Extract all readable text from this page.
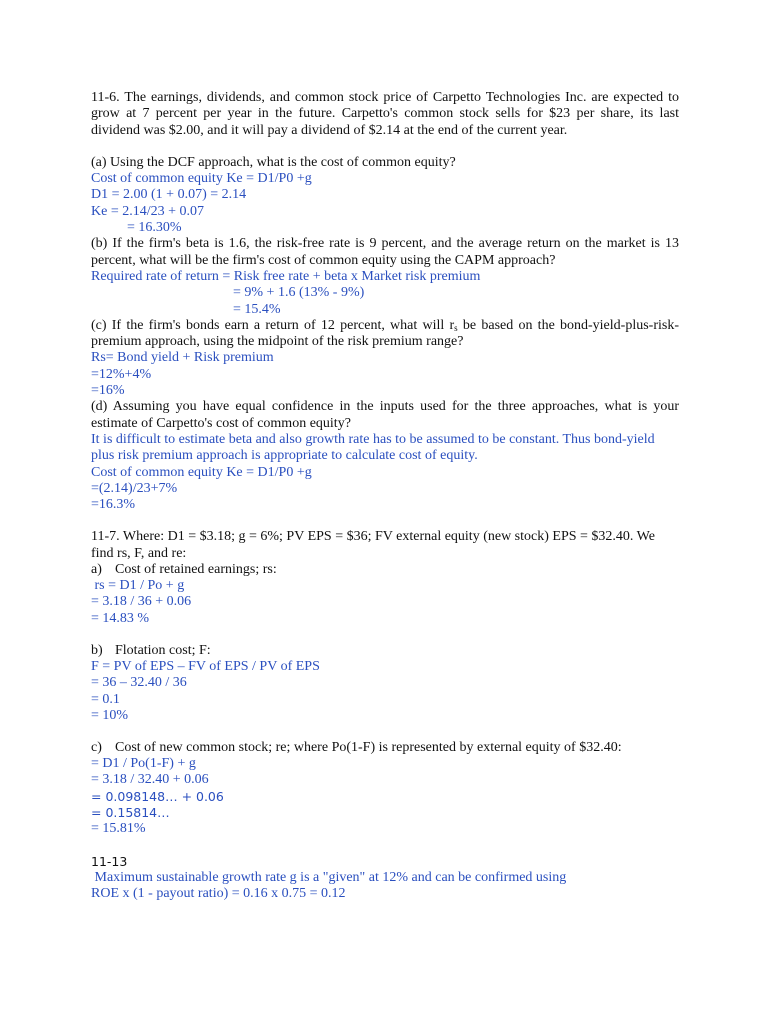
11-6. The earnings, dividends, and common stock price of Carpetto Technologies Inc. are expected to grow at 7 percent per year in the future. Carpetto's common stock sells for $23 per share, its last dividend was $2.00, and it will pay a dividend of $2.14 at the end of the current year.

(a) Using the DCF approach, what is the cost of common equity?

Cost of common equity Ke = D1/P0 +g
D1 = 2.00 (1 + 0.07) = 2.14
Ke = 2.14/23 + 0.07
= 16.30%

(b) If the firm's beta is 1.6, the risk-free rate is 9 percent, and the average return on the market is 13 percent, what will be the firm's cost of common equity using the CAPM approach?

Required rate of return = Risk free rate + beta x Market risk premium
= 9% + 1.6 (13% - 9%)
= 15.4%

(c) If the firm's bonds earn a return of 12 percent, what will $r_s$ be based on the bond-yield-plus-risk-premium approach, using the midpoint of the risk premium range?

Rs= Bond yield + Risk premium
=12%+4%
=16%

(d) Assuming you have equal confidence in the inputs used for the three approaches, what is your estimate of Carpetto's cost of common equity?

It is difficult to estimate beta and also growth rate has to be assumed to be constant. Thus bond-yield plus risk premium approach is appropriate to calculate cost of equity.

Cost of common equity Ke = D1/P0 +g
=(2.14)/23+7%
=16.3%

11-7. Where: D1 = $3.18; g = 6%; PV EPS = $36; FV external equity (new stock) EPS = $32.40. We find rs, F, and re:

a) Cost of retained earnings; rs:
rs = D1 / Po + g
= 3.18 / 36 + 0.06
= 14.83 %
b) Flotation cost; F:
F = PV of EPS – FV of EPS / PV of EPS
= 36 – 32.40 / 36
= 0.1
= 10%
c) Cost of new common stock; re; where Po(1-F) is represented by external equity of $32.40:
= D1 / Po(1-F) + g
= 3.18 / 32.40 + 0.06
= 0.098148… + 0.06
= 0.15814…
= 15.81%
11-13
Maximum sustainable growth rate g is a "given" at 12% and can be confirmed using
ROE x (1 - payout ratio) = 0.16 x 0.75 = 0.12
